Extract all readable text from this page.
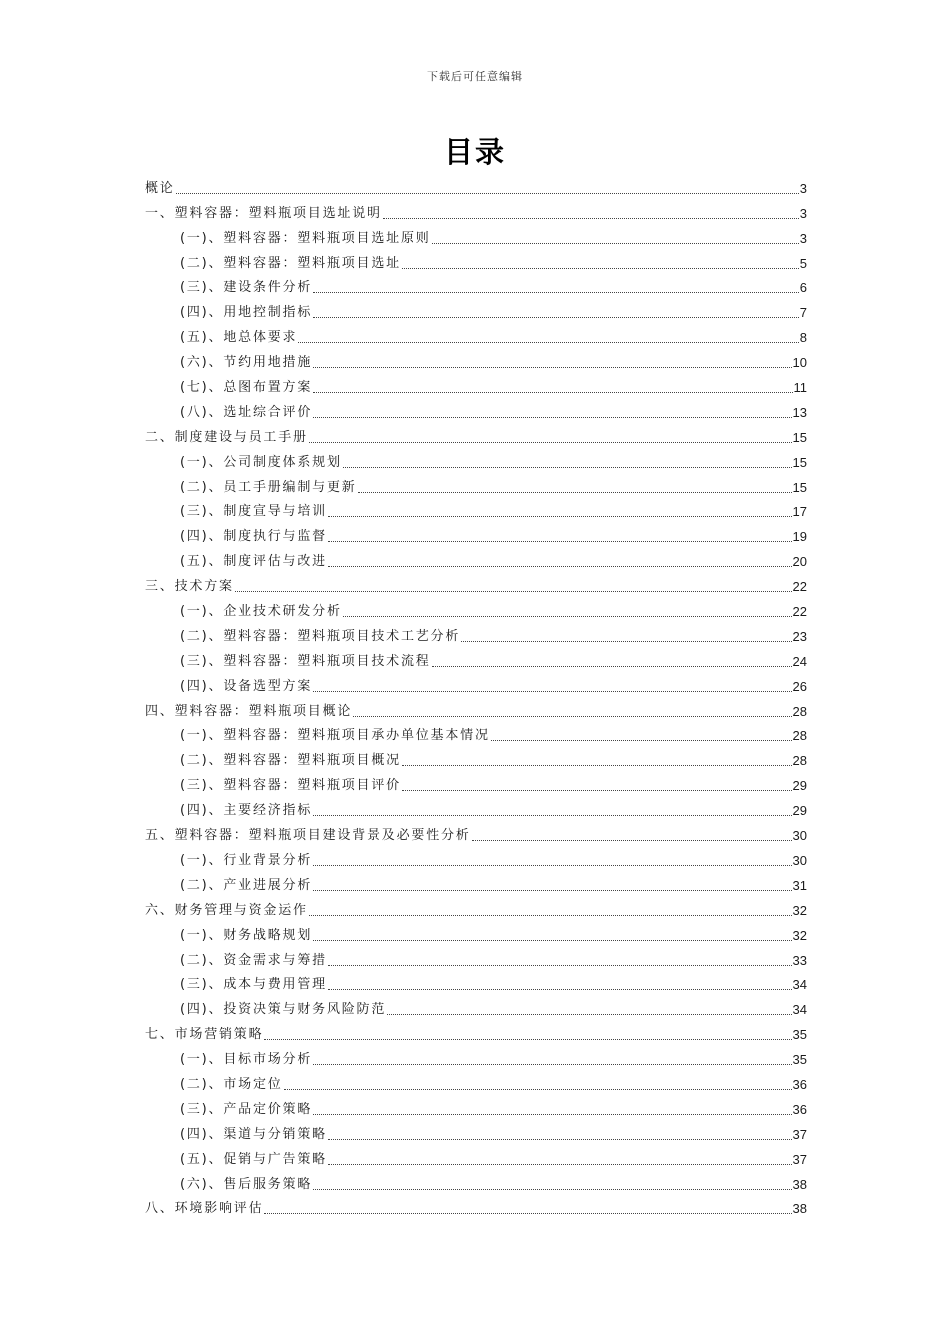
下载后可任意编辑
目录
概论	3
一、塑料容器：塑料瓶项目选址说明	3
(一)、塑料容器：塑料瓶项目选址原则	3
(二)、塑料容器：塑料瓶项目选址	5
(三)、建设条件分析	6
(四)、用地控制指标	7
(五)、地总体要求	8
(六)、节约用地措施	10
(七)、总图布置方案	11
(八)、选址综合评价	13
二、制度建设与员工手册	15
(一)、公司制度体系规划	15
(二)、员工手册编制与更新	15
(三)、制度宣导与培训	17
(四)、制度执行与监督	19
(五)、制度评估与改进	20
三、技术方案	22
(一)、企业技术研发分析	22
(二)、塑料容器：塑料瓶项目技术工艺分析	23
(三)、塑料容器：塑料瓶项目技术流程	24
(四)、设备选型方案	26
四、塑料容器：塑料瓶项目概论	28
(一)、塑料容器：塑料瓶项目承办单位基本情况	28
(二)、塑料容器：塑料瓶项目概况	28
(三)、塑料容器：塑料瓶项目评价	29
(四)、主要经济指标	29
五、塑料容器：塑料瓶项目建设背景及必要性分析	30
(一)、行业背景分析	30
(二)、产业进展分析	31
六、财务管理与资金运作	32
(一)、财务战略规划	32
(二)、资金需求与筹措	33
(三)、成本与费用管理	34
(四)、投资决策与财务风险防范	34
七、市场营销策略	35
(一)、目标市场分析	35
(二)、市场定位	36
(三)、产品定价策略	36
(四)、渠道与分销策略	37
(五)、促销与广告策略	37
(六)、售后服务策略	38
八、环境影响评估	38
